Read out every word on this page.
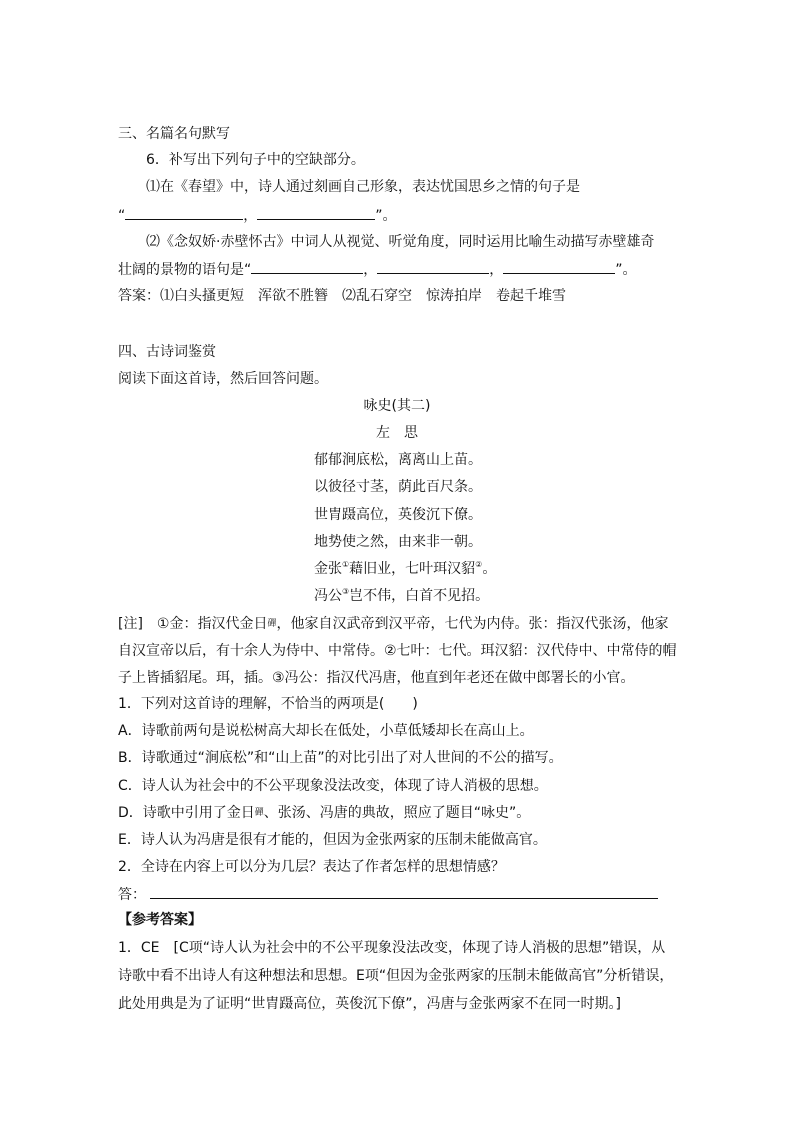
三、名篇名句默写
6．补写出下列句子中的空缺部分。
⑴在《春望》中，诗人通过刻画自己形象，表达忧国思乡之情的句子是
“	，	”。
⑵《念奴娇·赤壁怀古》中词人从视觉、听觉角度，同时运用比喻生动描写赤壁雄奇
壮阔的景物的语句是“	，	，	”。
答案：⑴白头搔更短　浑欲不胜簪　⑵乱石穿空　惊涛拍岸　卷起千堆雪
四、古诗词鉴赏
阅读下面这首诗，然后回答问题。
咏史(其二)
左　思
郁郁涧底松，离离山上苗。
以彼径寸茎，荫此百尺条。
世胄蹑高位，英俊沉下僚。
地势使之然，由来非一朝。
金张①藉旧业，七叶珥汉貂②。
冯公③岂不伟，白首不见招。
[注]　①金：指汉代金日磾，他家自汉武帝到汉平帝，七代为内侍。张：指汉代张汤，他家
自汉宣帝以后，有十余人为侍中、中常侍。②七叶：七代。珥汉貂：汉代侍中、中常侍的帽
子上皆插貂尾。珥，插。③冯公：指汉代冯唐，他直到年老还在做中郎署长的小官。
1．下列对这首诗的理解，不恰当的两项是(　　)
A．诗歌前两句是说松树高大却长在低处，小草低矮却长在高山上。
B．诗歌通过“涧底松”和“山上苗”的对比引出了对人世间的不公的描写。
C．诗人认为社会中的不公平现象没法改变，体现了诗人消极的思想。
D．诗歌中引用了金日磾、张汤、冯唐的典故，照应了题目“咏史”。
E．诗人认为冯唐是很有才能的，但因为金张两家的压制未能做高官。
2．全诗在内容上可以分为几层？表达了作者怎样的思想情感？
答：
【参考答案】
1．CE　[C项“诗人认为社会中的不公平现象没法改变，体现了诗人消极的思想”错误，从
诗歌中看不出诗人有这种想法和思想。E项“但因为金张两家的压制未能做高官”分析错误，
此处用典是为了证明“世胄蹑高位，英俊沉下僚”，冯唐与金张两家不在同一时期。]
